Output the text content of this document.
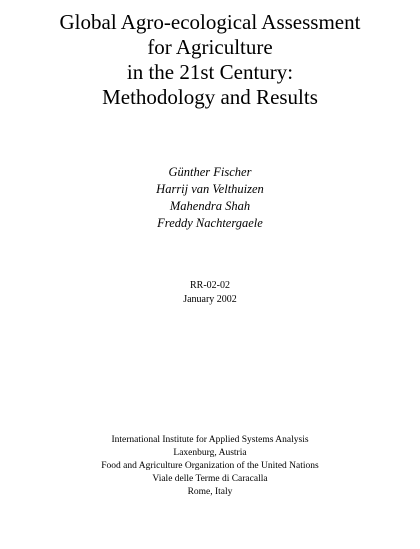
Global Agro-ecological Assessment
for Agriculture
in the 21st Century:
Methodology and Results
Günther Fischer
Harrij van Velthuizen
Mahendra Shah
Freddy Nachtergaele
RR-02-02
January 2002
International Institute for Applied Systems Analysis
Laxenburg, Austria
Food and Agriculture Organization of the United Nations
Viale delle Terme di Caracalla
Rome, Italy
